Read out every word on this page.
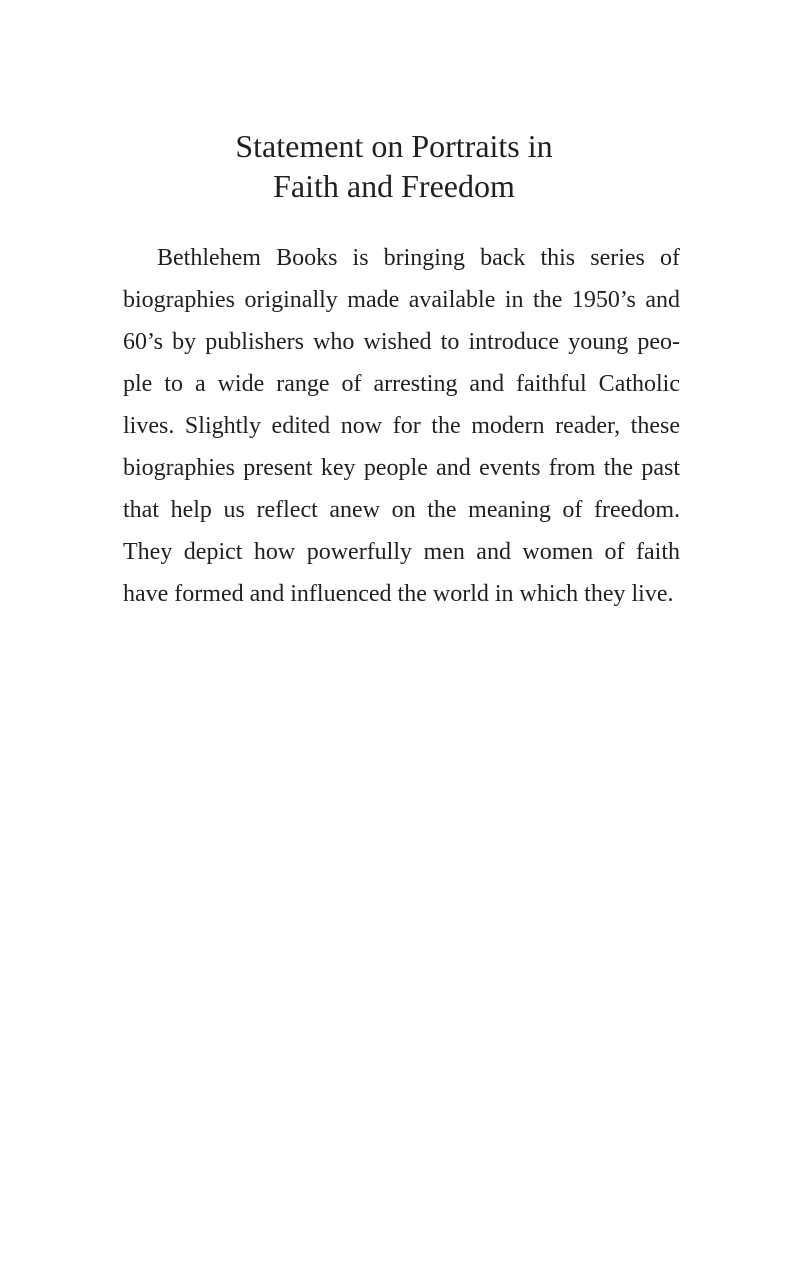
Statement on Portraits in
Faith and Freedom

Bethlehem Books is bringing back this series of

biographies originally made available in the 1950’s and

60’s by publishers who wished to introduce young peo-

ple to a wide range of arresting and faithful Catholic

lives. Slightly edited now for the modern reader, these

biographies present key people and events from the past

that help us reflect anew on the meaning of freedom.

They depict how powerfully men and women of faith

have formed and influenced the world in which they live.
